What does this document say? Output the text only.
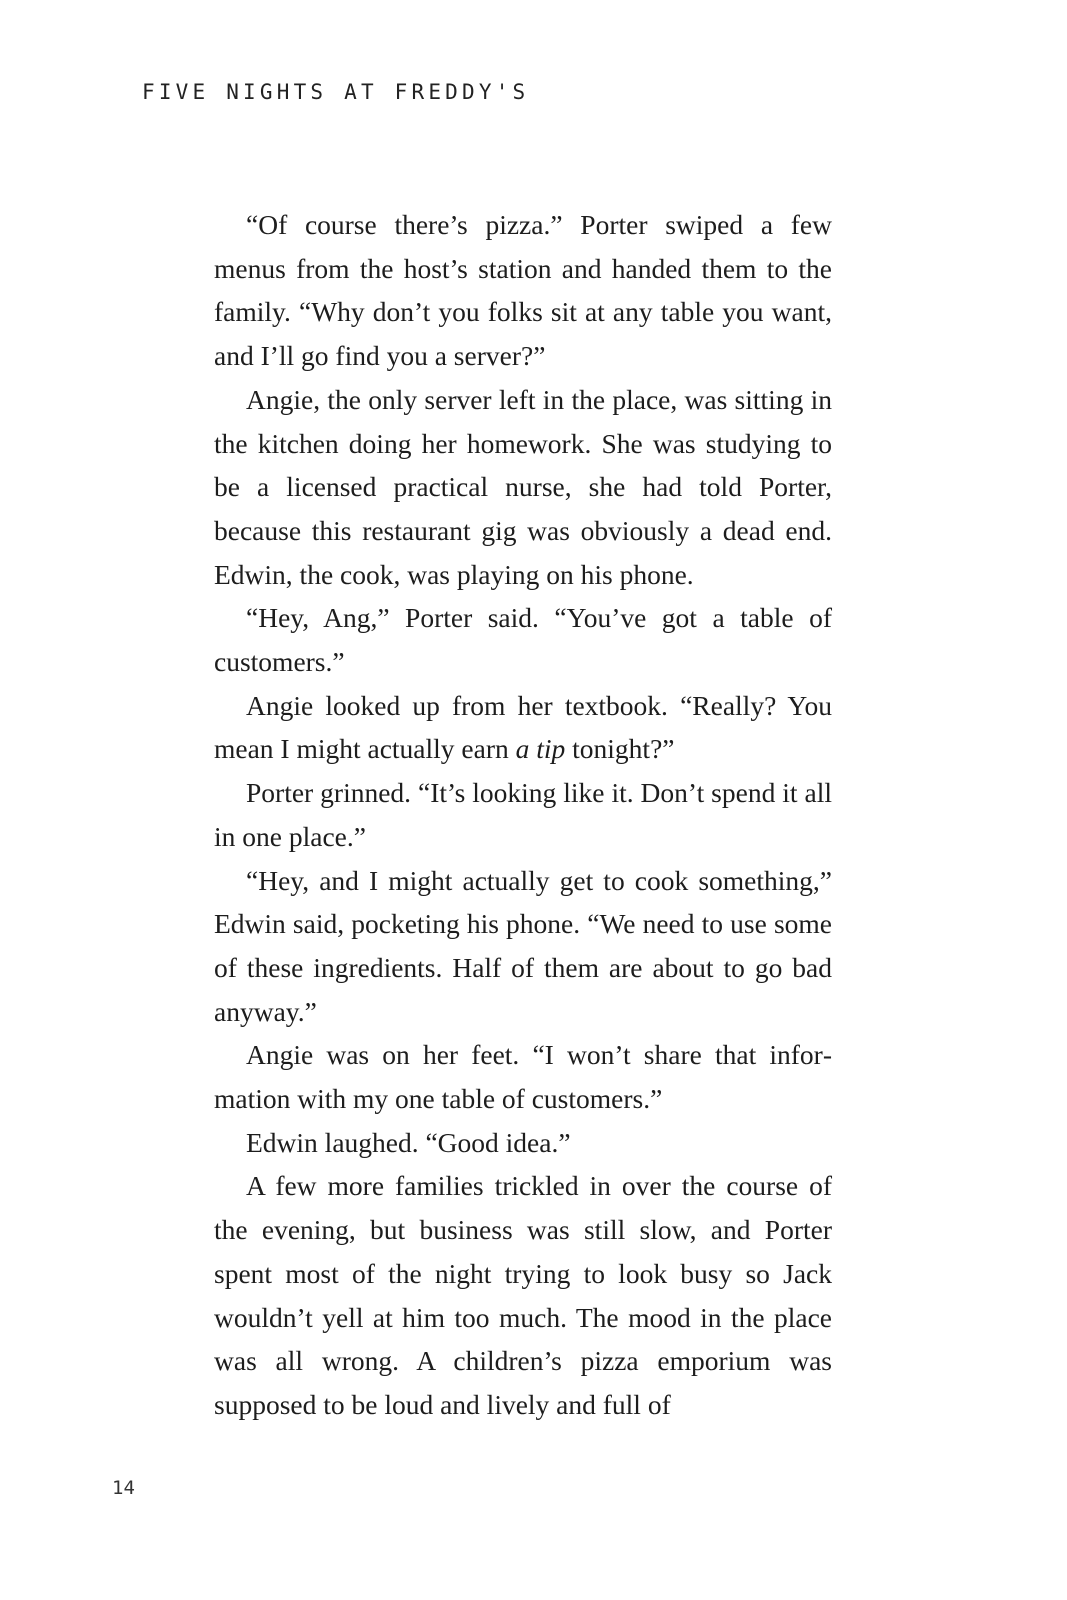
FIVE NIGHTS AT FREDDY'S

“Of course there’s pizza.” Porter swiped a few menus from the host’s station and handed them to the family. “Why don’t you folks sit at any table you want, and I’ll go find you a server?”

Angie, the only server left in the place, was sitting in the kitchen doing her homework. She was studying to be a licensed practical nurse, she had told Porter, because this restaurant gig was obviously a dead end. Edwin, the cook, was playing on his phone.

“Hey, Ang,” Porter said. “You’ve got a table of customers.”

Angie looked up from her textbook. “Really? You mean I might actually earn a tip tonight?”

Porter grinned. “It’s looking like it. Don’t spend it all in one place.”

“Hey, and I might actually get to cook something,” Edwin said, pocketing his phone. “We need to use some of these ingredients. Half of them are about to go bad anyway.”

Angie was on her feet. “I won’t share that information with my one table of customers.”

Edwin laughed. “Good idea.”

A few more families trickled in over the course of the evening, but business was still slow, and Porter spent most of the night trying to look busy so Jack wouldn’t yell at him too much. The mood in the place was all wrong. A children’s pizza emporium was supposed to be loud and lively and full of

14
